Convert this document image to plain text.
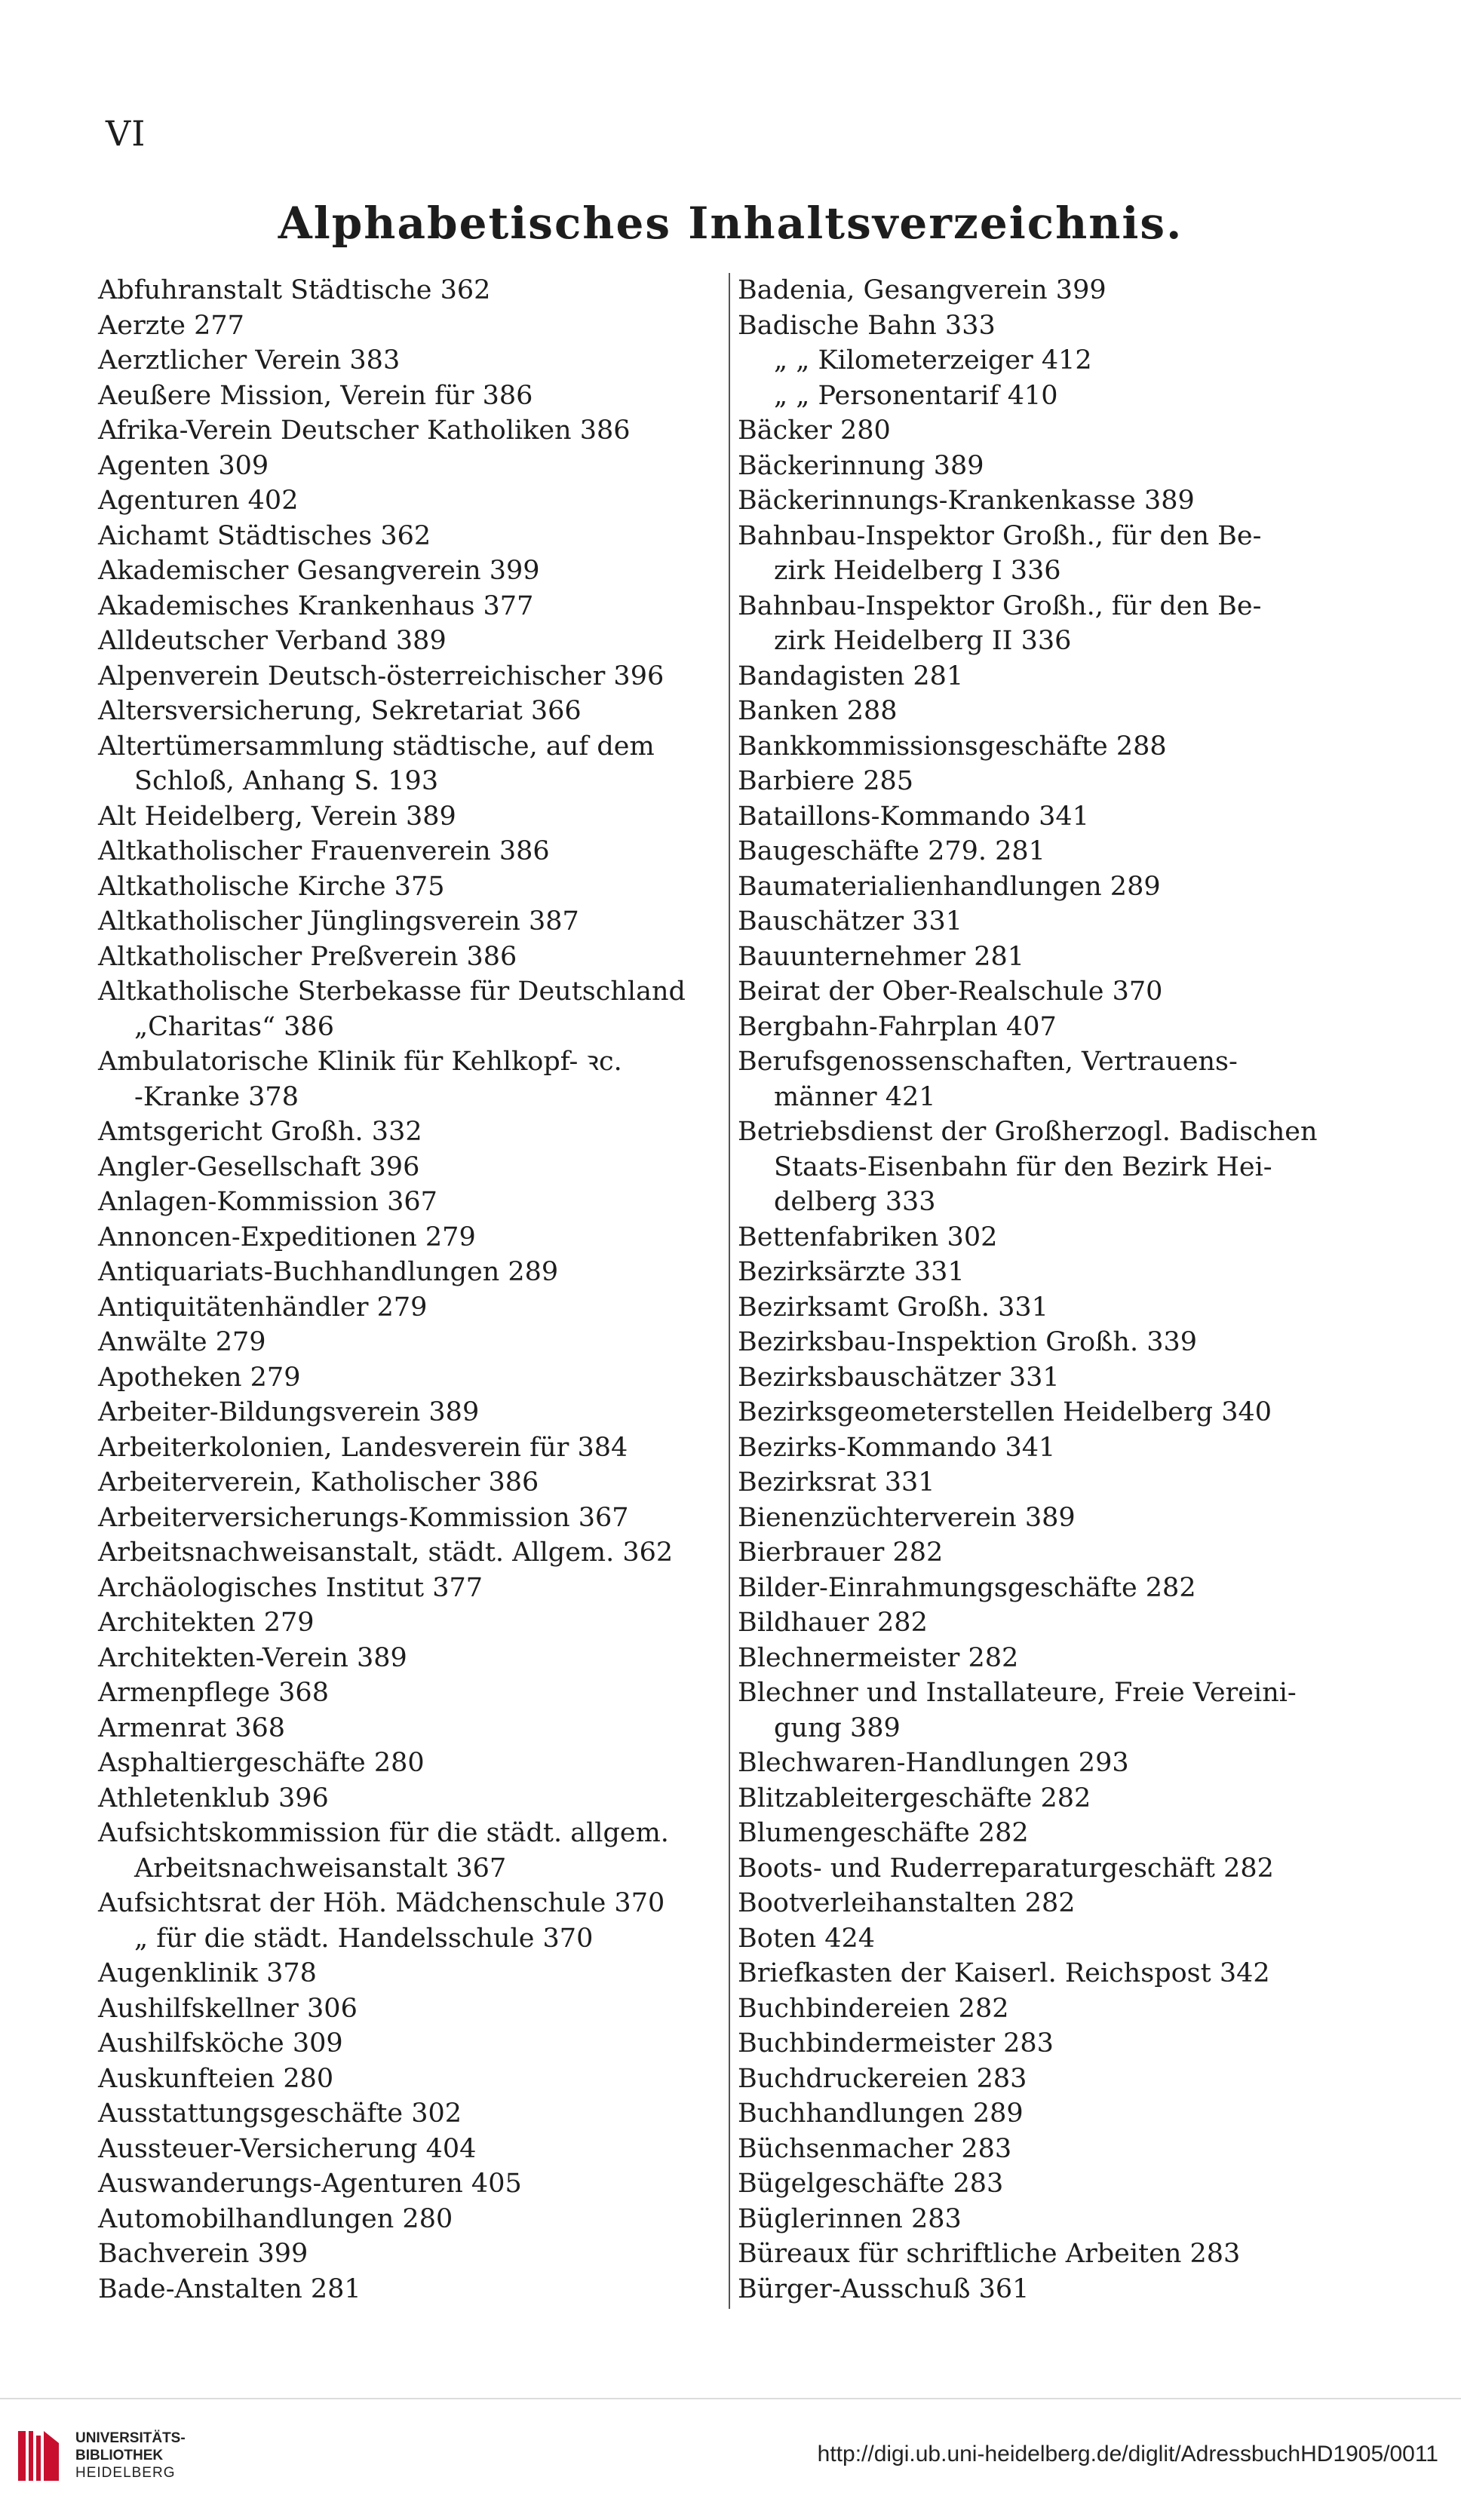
VI
Alphabetisches Inhaltsverzeichnis.
Abfuhranstalt Städtische 362
Aerzte 277
Aerztlicher Verein 383
Aeußere Mission, Verein für 386
Afrika-Verein Deutscher Katholiken 386
Agenten 309
Agenturen 402
Aichamt Städtisches 362
Akademischer Gesangverein 399
Akademisches Krankenhaus 377
Alldeutscher Verband 389
Alpenverein Deutsch-österreichischer 396
Altersversicherung, Sekretariat 366
Altertümersammlung städtische, auf dem
Schloß, Anhang S. 193
Alt Heidelberg, Verein 389
Altkatholischer Frauenverein 386
Altkatholische Kirche 375
Altkatholischer Jünglingsverein 387
Altkatholischer Preßverein 386
Altkatholische Sterbekasse für Deutschland
„Charitas“ 386
Ambulatorische Klinik für Kehlkopf- ꝛc.
-Kranke 378
Amtsgericht Großh. 332
Angler-Gesellschaft 396
Anlagen-Kommission 367
Annoncen-Expeditionen 279
Antiquariats-Buchhandlungen 289
Antiquitätenhändler 279
Anwälte 279
Apotheken 279
Arbeiter-Bildungsverein 389
Arbeiterkolonien, Landesverein für 384
Arbeiterverein, Katholischer 386
Arbeiterversicherungs-Kommission 367
Arbeitsnachweisanstalt, städt. Allgem. 362
Archäologisches Institut 377
Architekten 279
Architekten-Verein 389
Armenpflege 368
Armenrat 368
Asphaltiergeschäfte 280
Athletenklub 396
Aufsichtskommission für die städt. allgem.
Arbeitsnachweisanstalt 367
Aufsichtsrat der Höh. Mädchenschule 370
„ für die städt. Handelsschule 370
Augenklinik 378
Aushilfskellner 306
Aushilfsköche 309
Auskunfteien 280
Ausstattungsgeschäfte 302
Aussteuer-Versicherung 404
Auswanderungs-Agenturen 405
Automobilhandlungen 280
Bachverein 399
Bade-Anstalten 281
Badenia, Gesangverein 399
Badische Bahn 333
„ „ Kilometerzeiger 412
„ „ Personentarif 410
Bäcker 280
Bäckerinnung 389
Bäckerinnungs-Krankenkasse 389
Bahnbau-Inspektor Großh., für den Be-
zirk Heidelberg I 336
Bahnbau-Inspektor Großh., für den Be-
zirk Heidelberg II 336
Bandagisten 281
Banken 288
Bankkommissionsgeschäfte 288
Barbiere 285
Bataillons-Kommando 341
Baugeschäfte 279. 281
Baumaterialienhandlungen 289
Bauschätzer 331
Bauunternehmer 281
Beirat der Ober-Realschule 370
Bergbahn-Fahrplan 407
Berufsgenossenschaften, Vertrauens-
männer 421
Betriebsdienst der Großherzogl. Badischen
Staats-Eisenbahn für den Bezirk Hei-
delberg 333
Bettenfabriken 302
Bezirksärzte 331
Bezirksamt Großh. 331
Bezirksbau-Inspektion Großh. 339
Bezirksbauschätzer 331
Bezirksgeometerstellen Heidelberg 340
Bezirks-Kommando 341
Bezirksrat 331
Bienenzüchterverein 389
Bierbrauer 282
Bilder-Einrahmungsgeschäfte 282
Bildhauer 282
Blechnermeister 282
Blechner und Installateure, Freie Vereini-
gung 389
Blechwaren-Handlungen 293
Blitzableitergeschäfte 282
Blumengeschäfte 282
Boots- und Ruderreparaturgeschäft 282
Bootverleihanstalten 282
Boten 424
Briefkasten der Kaiserl. Reichspost 342
Buchbindereien 282
Buchbindermeister 283
Buchdruckereien 283
Buchhandlungen 289
Büchsenmacher 283
Bügelgeschäfte 283
Büglerinnen 283
Büreaux für schriftliche Arbeiten 283
Bürger-Ausschuß 361
UNIVERSITÄTS-
BIBLIOTHEK
HEIDELBERG
http://digi.ub.uni-heidelberg.de/diglit/AdressbuchHD1905/0011
